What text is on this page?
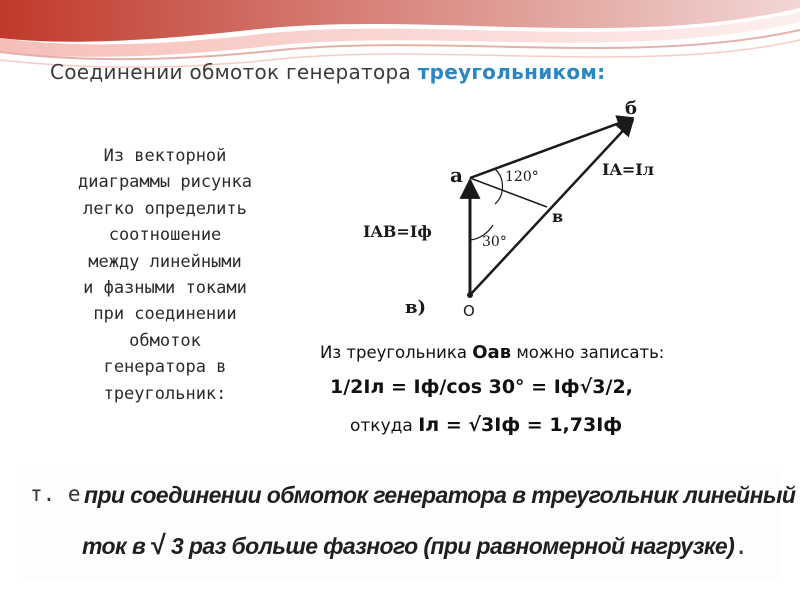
Соединении обмоток генератора треугольником:
Из векторной
диаграммы рисунка
легко определить
соотношение
между линейными
и фазными токами
при соединении
обмоток
генератора в
треугольник:
а
б
в
О
в)
120°
30°
IA=Iл
IAB=Iф
Из треугольника Оав можно записать:
1/2Iл = Iф/cos 30° = Iф√3/2,
откуда Iл = √3Iф = 1,73Iф
т. е.
при соединении обмоток генератора в треугольник линейный
ток в √ 3 раз больше фазного (при равномерной нагрузке).
